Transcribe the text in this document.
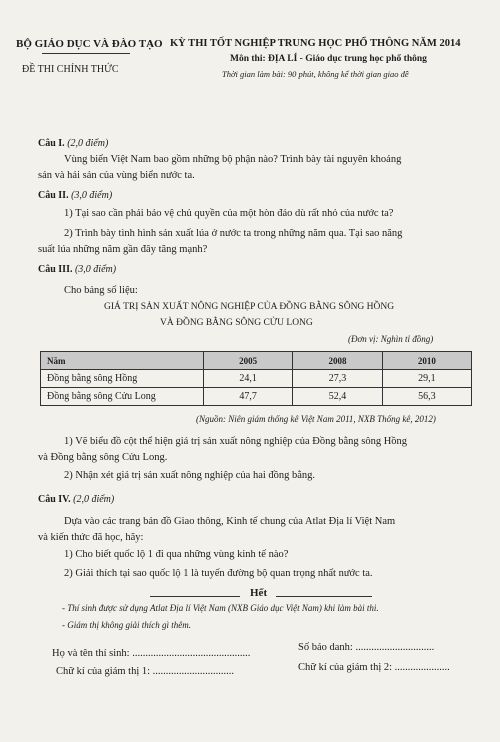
BỘ GIÁO DỤC VÀ ĐÀO TẠO
ĐỀ THI CHÍNH THỨC
KỲ THI TỐT NGHIỆP TRUNG HỌC PHỔ THÔNG NĂM 2014
Môn thi: ĐỊA LÍ - Giáo dục trung học phổ thông
Thời gian làm bài: 90 phút, không kể thời gian giao đề
Câu I. (2,0 điểm)
Vùng biển Việt Nam bao gồm những bộ phận nào? Trình bày tài nguyên khoáng
sản và hải sản của vùng biển nước ta.
Câu II. (3,0 điểm)
1) Tại sao cần phải bảo vệ chủ quyền của một hòn đảo dù rất nhỏ của nước ta?
2) Trình bày tình hình sản xuất lúa ở nước ta trong những năm qua. Tại sao năng
suất lúa những năm gần đây tăng mạnh?
Câu III. (3,0 điểm)
Cho bảng số liệu:
GIÁ TRỊ SẢN XUẤT NÔNG NGHIỆP CỦA ĐỒNG BẰNG SÔNG HỒNG
VÀ ĐỒNG BẰNG SÔNG CỬU LONG
(Đơn vị: Nghìn tỉ đồng)
Năm	2005	2008	2010
Đồng bằng sông Hồng	24,1	27,3	29,1
Đồng bằng sông Cửu Long	47,7	52,4	56,3
(Nguồn: Niên giám thống kê Việt Nam 2011, NXB Thống kê, 2012)
1) Vẽ biểu đồ cột thể hiện giá trị sản xuất nông nghiệp của Đồng bằng sông Hồng
và Đồng bằng sông Cửu Long.
2) Nhận xét giá trị sản xuất nông nghiệp của hai đồng bằng.
Câu IV. (2,0 điểm)
Dựa vào các trang bản đồ Giao thông, Kinh tế chung của Atlat Địa lí Việt Nam
và kiến thức đã học, hãy:
1) Cho biết quốc lộ 1 đi qua những vùng kinh tế nào?
2) Giải thích tại sao quốc lộ 1 là tuyến đường bộ quan trọng nhất nước ta.
Hết
- Thí sinh được sử dụng Atlat Địa lí Việt Nam (NXB Giáo dục Việt Nam) khi làm bài thi.
- Giám thị không giải thích gì thêm.
Họ và tên thí sinh: .............................................
Số báo danh: ..............................
Chữ kí của giám thị 1: ...............................	Chữ kí của giám thị 2: .....................
